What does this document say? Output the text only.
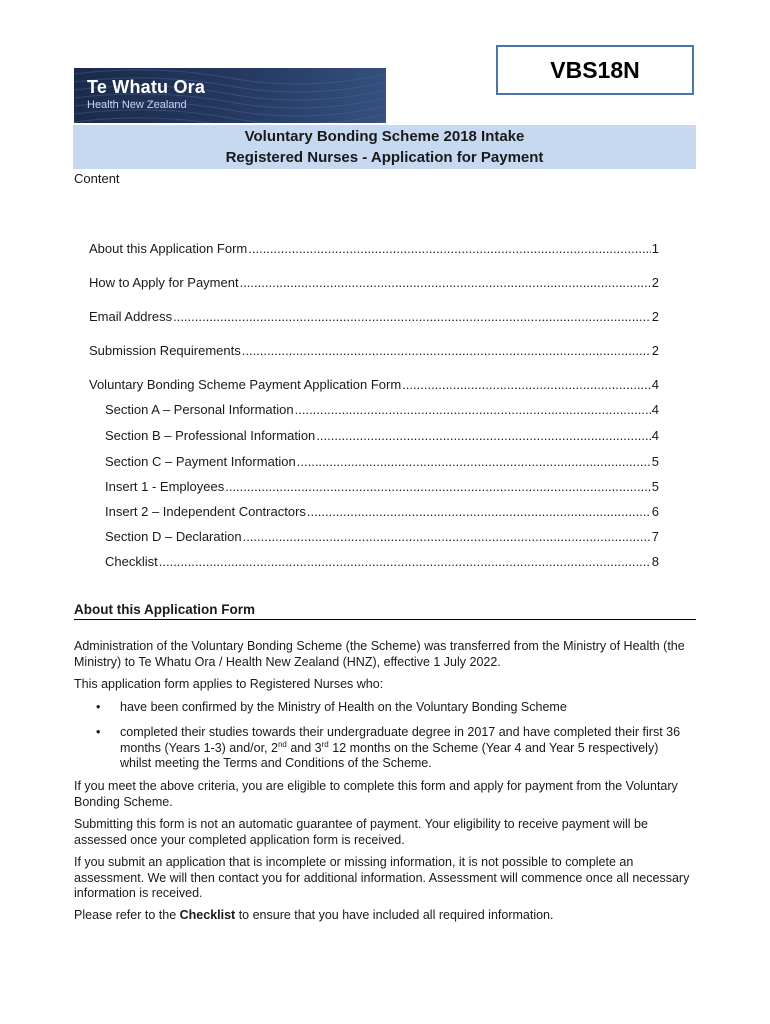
Te Whatu Ora
Health New Zealand
VBS18N
Voluntary Bonding Scheme 2018 Intake
Registered Nurses - Application for Payment
Content
About this Application Form .....	1
How to Apply for Payment .....	2
Email Address .....	2
Submission Requirements .....	2
Voluntary Bonding Scheme Payment Application Form .....	4
Section A – Personal Information .....	4
Section B – Professional Information .....	4
Section C – Payment Information .....	5
Insert 1 - Employees .....	5
Insert 2 – Independent Contractors .....	6
Section D – Declaration .....	7
Checklist .....	8
About this Application Form
Administration of the Voluntary Bonding Scheme (the Scheme) was transferred from the Ministry of Health (the Ministry) to Te Whatu Ora / Health New Zealand (HNZ), effective 1 July 2022.
This application form applies to Registered Nurses who:
• have been confirmed by the Ministry of Health on the Voluntary Bonding Scheme
• completed their studies towards their undergraduate degree in 2017 and have completed their first 36 months (Years 1-3) and/or, 2nd and 3rd 12 months on the Scheme (Year 4 and Year 5 respectively) whilst meeting the Terms and Conditions of the Scheme.
If you meet the above criteria, you are eligible to complete this form and apply for payment from the Voluntary Bonding Scheme.
Submitting this form is not an automatic guarantee of payment. Your eligibility to receive payment will be assessed once your completed application form is received.
If you submit an application that is incomplete or missing information, it is not possible to complete an assessment. We will then contact you for additional information. Assessment will commence once all necessary information is received.
Please refer to the Checklist to ensure that you have included all required information.
